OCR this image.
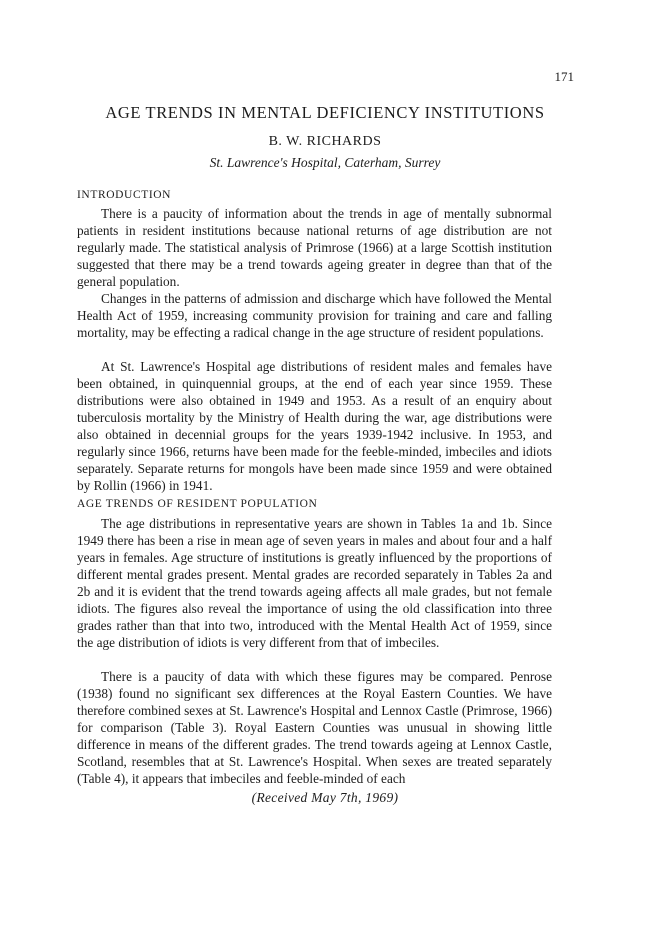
171
AGE TRENDS IN MENTAL DEFICIENCY INSTITUTIONS
B. W. RICHARDS
St. Lawrence's Hospital, Caterham, Surrey
INTRODUCTION

There is a paucity of information about the trends in age of mentally subnormal patients in resident institutions because national returns of age distribution are not regularly made. The statistical analysis of Primrose (1966) at a large Scottish institution suggested that there may be a trend towards ageing greater in degree than that of the general population.

Changes in the patterns of admission and discharge which have followed the Mental Health Act of 1959, increasing community provision for training and care and falling mortality, may be effecting a radical change in the age structure of resident populations.

At St. Lawrence's Hospital age distributions of resident males and females have been obtained, in quinquennial groups, at the end of each year since 1959. These distributions were also obtained in 1949 and 1953. As a result of an enquiry about tuberculosis mortality by the Ministry of Health during the war, age distributions were also obtained in decennial groups for the years 1939-1942 inclusive. In 1953, and regularly since 1966, returns have been made for the feeble-minded, imbeciles and idiots separately. Separate returns for mongols have been made since 1959 and were obtained by Rollin (1966) in 1941.

AGE TRENDS OF RESIDENT POPULATION

The age distributions in representative years are shown in Tables 1a and 1b. Since 1949 there has been a rise in mean age of seven years in males and about four and a half years in females. Age structure of institutions is greatly influenced by the proportions of different mental grades present. Mental grades are recorded separately in Tables 2a and 2b and it is evident that the trend towards ageing affects all male grades, but not female idiots. The figures also reveal the importance of using the old classification into three grades rather than that into two, introduced with the Mental Health Act of 1959, since the age distribution of idiots is very different from that of imbeciles.

There is a paucity of data with which these figures may be compared. Penrose (1938) found no significant sex differences at the Royal Eastern Counties. We have therefore combined sexes at St. Lawrence's Hospital and Lennox Castle (Primrose, 1966) for comparison (Table 3). Royal Eastern Counties was unusual in showing little difference in means of the different grades. The trend towards ageing at Lennox Castle, Scotland, resembles that at St. Lawrence's Hospital. When sexes are treated separately (Table 4), it appears that imbeciles and feeble-minded of each

(Received May 7th, 1969)
